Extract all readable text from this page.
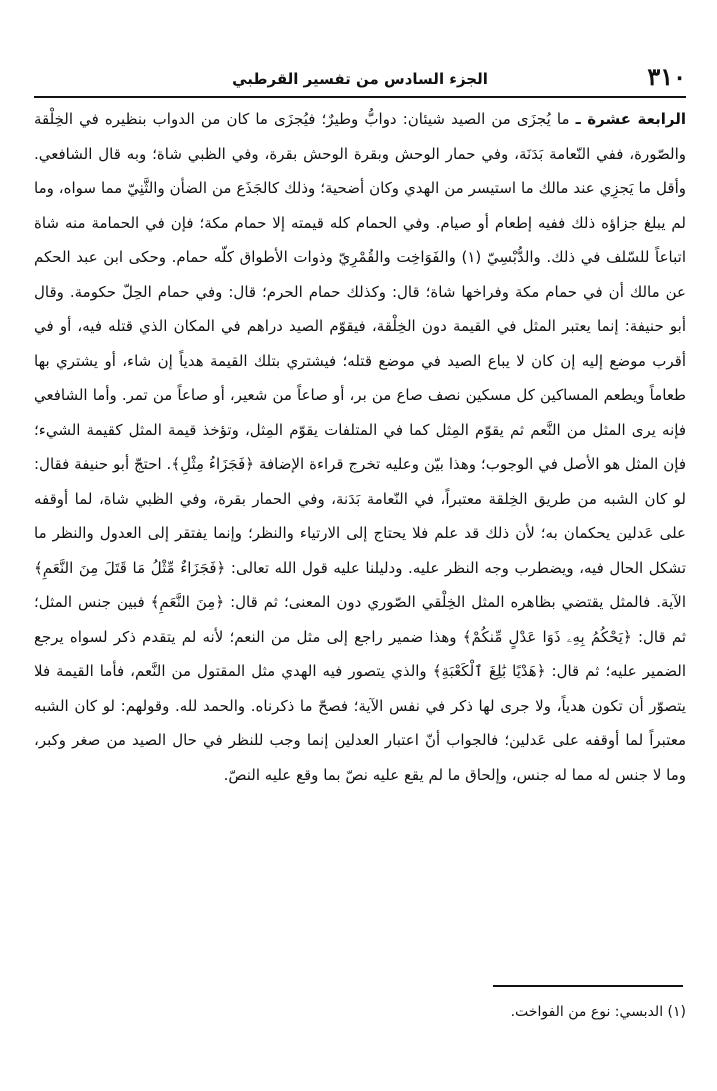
٣١٠
الجزء السادس من تفسير القرطبي

الرابعة عشرة ـ ما يُجزَى من الصيد شيئان: دوابُّ وطيرٌ؛ فيُجزَى ما كان من الدواب بنظيره في الخِلْقة والصّورة، ففي النّعامة بَدَنَة، وفي حمار الوحش وبقرة الوحش بقرة، وفي الظبي شاة؛ وبه قال الشافعي. وأقل ما يَجزِي عند مالك ما استيسر من الهدي وكان أضحية؛ وذلك كالجَذَع من الضأن والثَّنِيّ مما سواه، وما لم يبلغ جزاؤه ذلك ففيه إطعام أو صيام. وفي الحمام كله قيمته إلا حمام مكة؛ فإن في الحمامة منه شاة اتباعاً للسّلف في ذلك. والدُّبْسِيّ (١) والفَوَاخِت والقُمْرِيّ وذوات الأطواق كلّه حمام. وحكى ابن عبد الحكم عن مالك أن في حمام مكة وفراخها شاة؛ قال: وكذلك حمام الحرم؛ قال: وفي حمام الحِلّ حكومة. وقال أبو حنيفة: إنما يعتبر المثل في القيمة دون الخِلْقة، فيقوّم الصيد دراهم في المكان الذي قتله فيه، أو في أقرب موضع إليه إن كان لا يباع الصيد في موضع قتله؛ فيشتري بتلك القيمة هدياً إن شاء، أو يشتري بها طعاماً ويطعم المساكين كل مسكين نصف صاع من بر، أو صاعاً من شعير، أو صاعاً من تمر. وأما الشافعي فإنه يرى المثل من النَّعم ثم يقوّم المِثل كما في المتلفات يقوّم المِثل، وتؤخذ قيمة المثل كقيمة الشيء؛ فإن المثل هو الأصل في الوجوب؛ وهذا بيّن وعليه تخرج قراءة الإضافة ﴿فَجَزَاءُ مِثْلِ﴾. احتجّ أبو حنيفة فقال: لو كان الشبه من طريق الخِلقة معتبراً، في النّعامة بَدَنة، وفي الحمار بقرة، وفي الظبي شاة، لما أوقفه على عَدلين يحكمان به؛ لأن ذلك قد علم فلا يحتاج إلى الارتياء والنظر؛ وإنما يفتقر إلى العدول والنظر ما تشكل الحال فيه، ويضطرب وجه النظر عليه. ودليلنا عليه قول الله تعالى: ﴿فَجَزَاءٌ مِّثْلُ مَا قَتَلَ مِنَ النَّعَمِ﴾ الآية. فالمثل يقتضي بظاهره المثل الخِلْقي الصّوري دون المعنى؛ ثم قال: ﴿مِنَ النَّعَمِ﴾ فبين جنس المثل؛ ثم قال: ﴿يَحْكُمُ بِهِۦ ذَوَا عَدْلٍ مِّنكُمْ﴾ وهذا ضمير راجع إلى مثل من النعم؛ لأنه لم يتقدم ذكر لسواه يرجع الضمير عليه؛ ثم قال: ﴿هَدْيًا بَٰلِغَ ٱلْكَعْبَةِ﴾ والذي يتصور فيه الهدي مثل المقتول من النَّعم، فأما القيمة فلا يتصوّر أن تكون هدياً، ولا جرى لها ذكر في نفس الآية؛ فصحّ ما ذكرناه. والحمد لله. وقولهم: لو كان الشبه معتبراً لما أوقفه على عَدلين؛ فالجواب أنّ اعتبار العدلين إنما وجب للنظر في حال الصيد من صغر وكبر، وما لا جنس له مما له جنس، وإلحاق ما لم يقع عليه نصّ بما وقع عليه النصّ.

(١) الدبسي: نوع من الفواخت.
